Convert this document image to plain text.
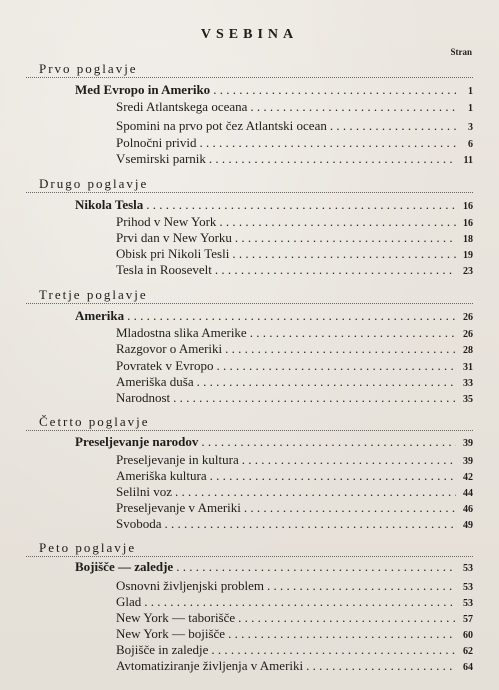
VSEBINA
Stran
Prvo poglavje
Med Evropo in Ameriko . . .	1
Sredi Atlantskega oceana . . .	1
Spomini na prvo pot čez Atlantski ocean . . .	3
Polnočni privid . . .	6
Vsemirski parnik . . .	11
Drugo poglavje
Nikola Tesla . . .	16
Prihod v New York . . .	16
Prvi dan v New Yorku . . .	18
Obisk pri Nikoli Tesli . . .	19
Tesla in Roosevelt . . .	23
Tretje poglavje
Amerika . . .	26
Mladostna slika Amerike . . .	26
Razgovor o Ameriki . . .	28
Povratek v Evropo . . .	31
Ameriška duša . . .	33
Narodnost . . .	35
Četrto poglavje
Preseljevanje narodov . . .	39
Preseljevanje in kultura . . .	39
Ameriška kultura . . .	42
Selilni voz . . .	44
Preseljevanje v Ameriki . . .	46
Svoboda . . .	49
Peto poglavje
Bojišče — zaledje . . .	53
Osnovni življenjski problem . . .	53
Glad . . .	53
New York — taborišče . . .	57
New York — bojišče . . .	60
Bojišče in zaledje . . .	62
Avtomatiziranje življenja v Ameriki . . .	64
